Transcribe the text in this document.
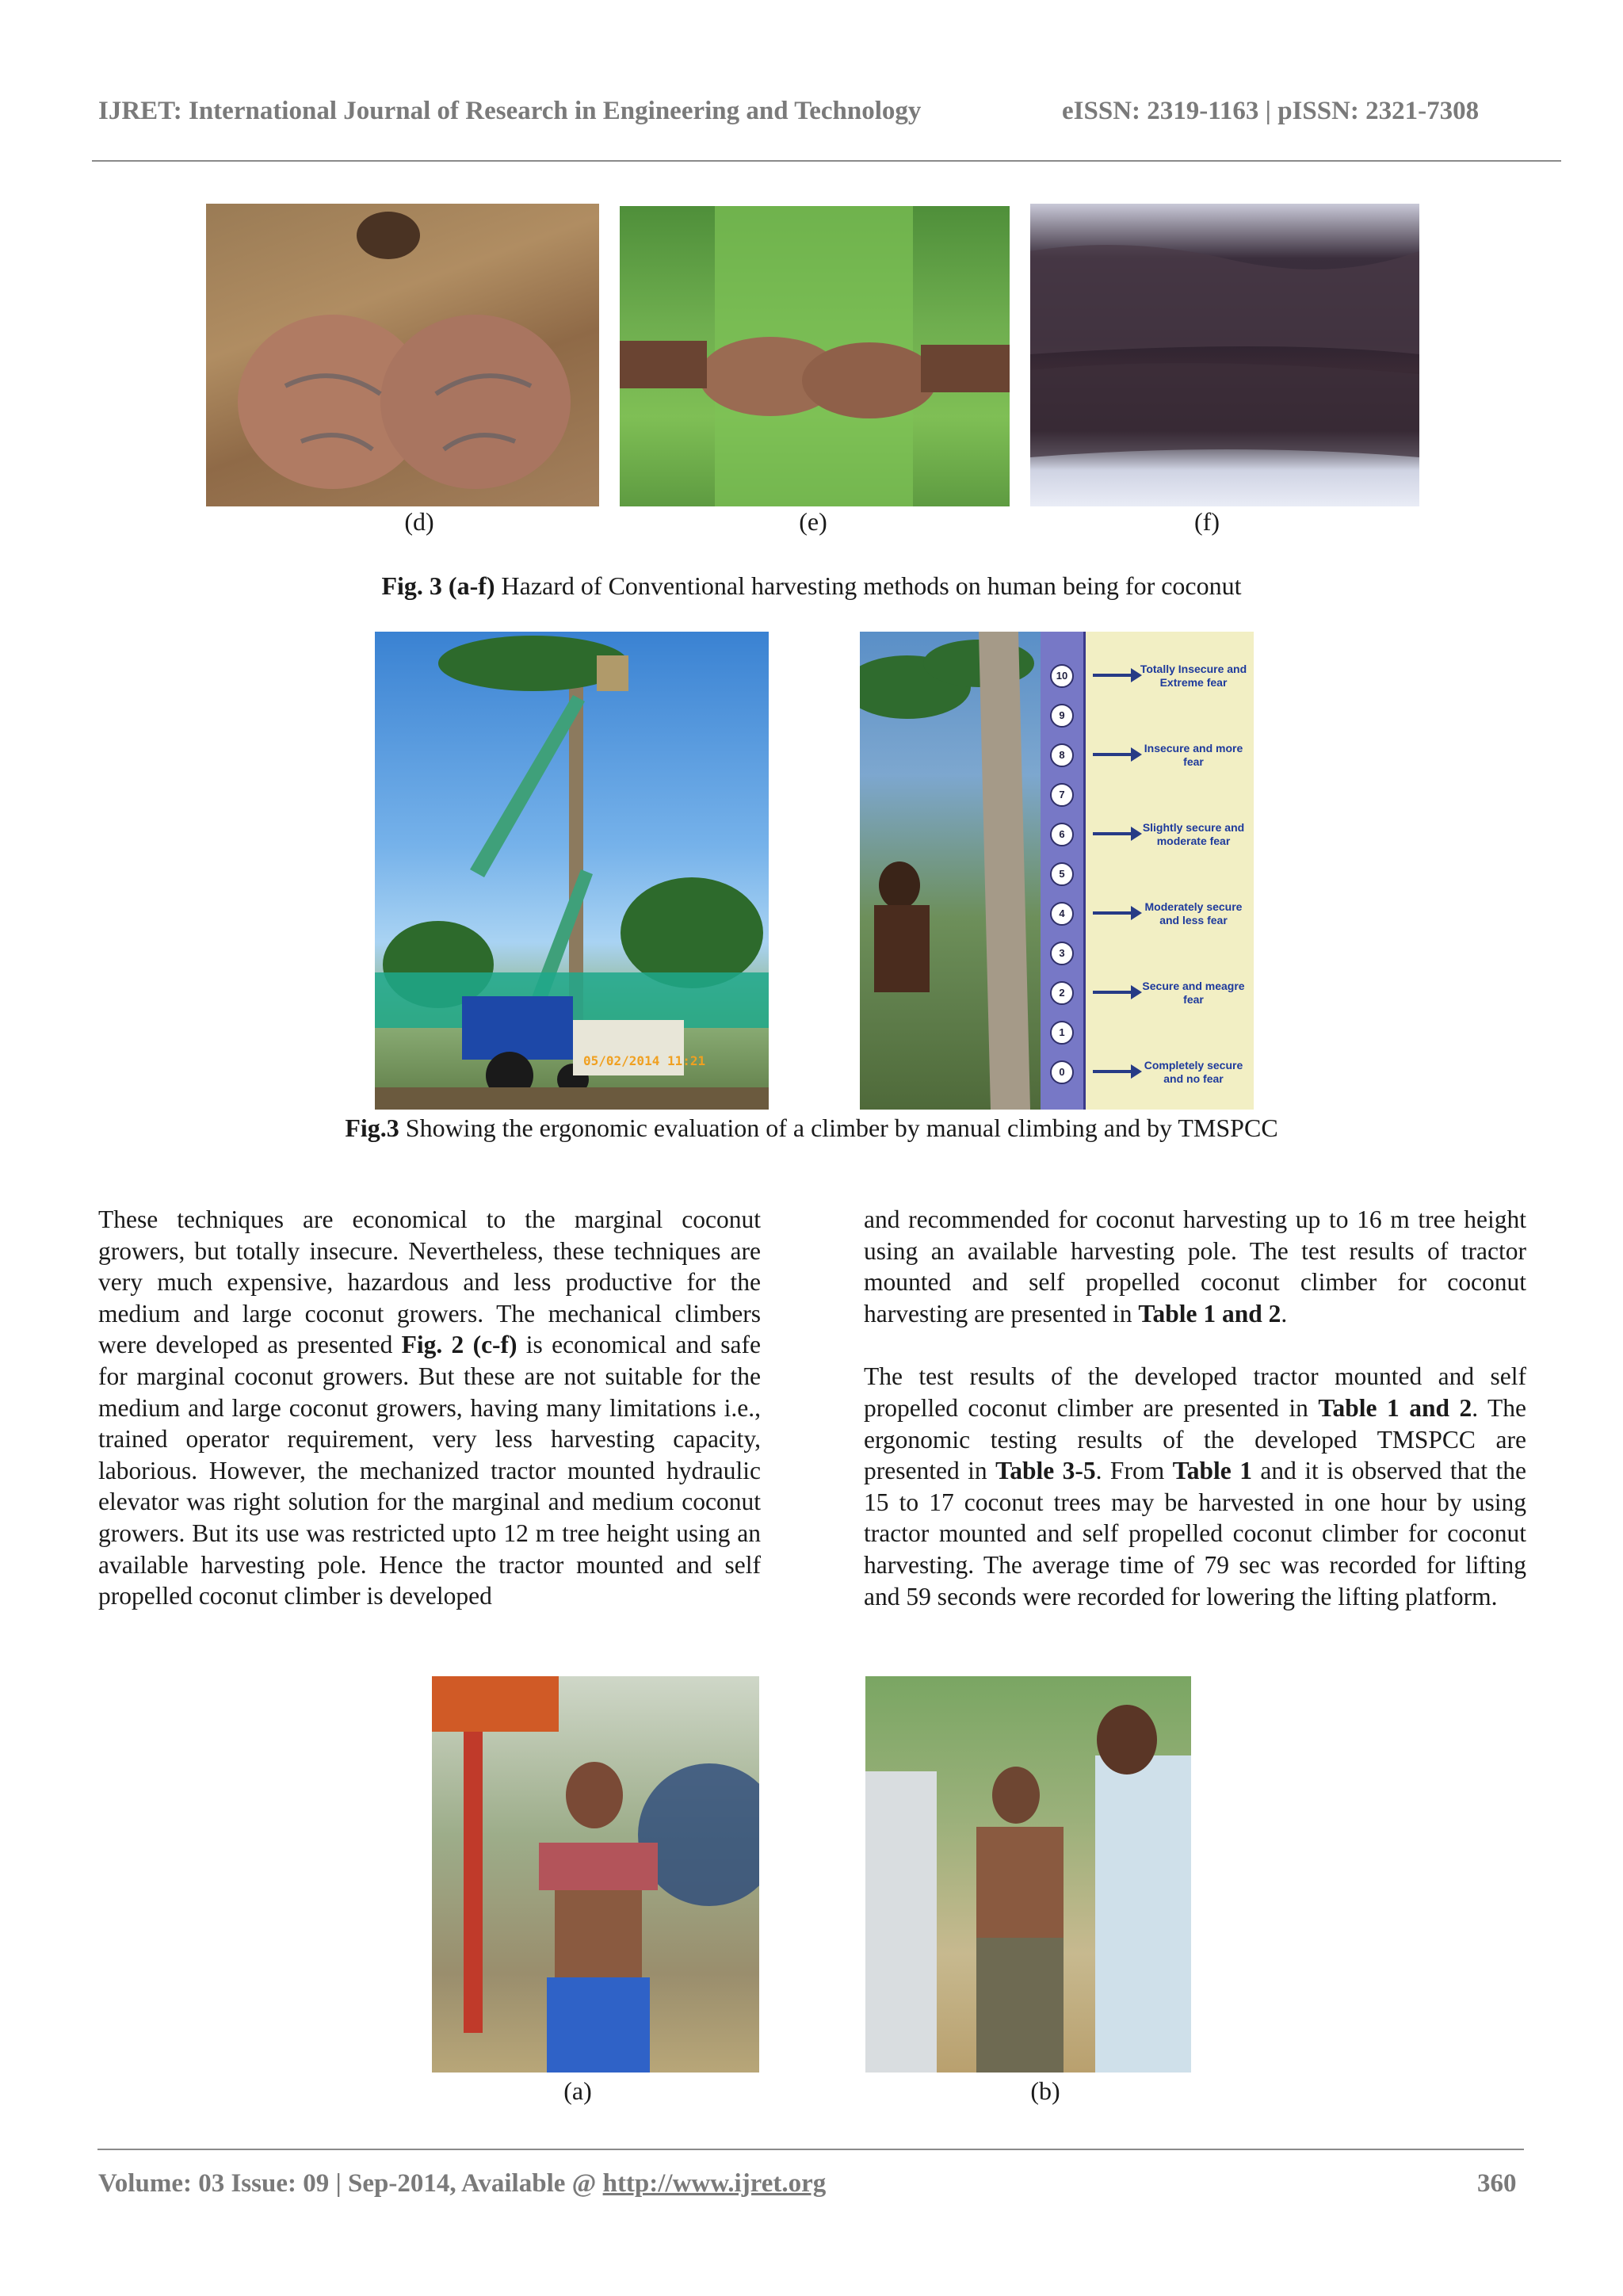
IJRET: International Journal of Research in Engineering and Technology	eISSN: 2319-1163 | pISSN: 2321-7308
(d)	(e)	(f)
Fig. 3 (a-f) Hazard of Conventional harvesting methods on human being for coconut
05/02/2014 11:21
10
9
8
7
6
5
4
3
2
1
0
Totally Insecure and Extreme fear
Insecure and more fear
Slightly secure and moderate fear
Moderately secure and less fear
Secure and meagre fear
Completely secure and no fear
Fig.3 Showing the ergonomic evaluation of a climber by manual climbing and by TMSPCC

These techniques are economical to the marginal coconut growers, but totally insecure. Nevertheless, these techniques are very much expensive, hazardous and less productive for the medium and large coconut growers. The mechanical climbers were developed as presented Fig. 2 (c-f) is economical and safe for marginal coconut growers. But these are not suitable for the medium and large coconut growers, having many limitations i.e., trained operator requirement, very less harvesting capacity, laborious. However, the mechanized tractor mounted hydraulic elevator was right solution for the marginal and medium coconut growers. But its use was restricted upto 12 m tree height using an available harvesting pole. Hence the tractor mounted and self propelled coconut climber is developed

and recommended for coconut harvesting up to 16 m tree height using an available harvesting pole. The test results of tractor mounted and self propelled coconut climber for coconut harvesting are presented in Table 1 and 2.

The test results of the developed tractor mounted and self propelled coconut climber are presented in Table 1 and 2. The ergonomic testing results of the developed TMSPCC are presented in Table 3-5. From Table 1 and it is observed that the 15 to 17 coconut trees may be harvested in one hour by using tractor mounted and self propelled coconut climber for coconut harvesting. The average time of 79 sec was recorded for lifting and 59 seconds were recorded for lowering the lifting platform.

(a)	(b)
Volume: 03 Issue: 09 | Sep-2014, Available @ http://www.ijret.org	360
